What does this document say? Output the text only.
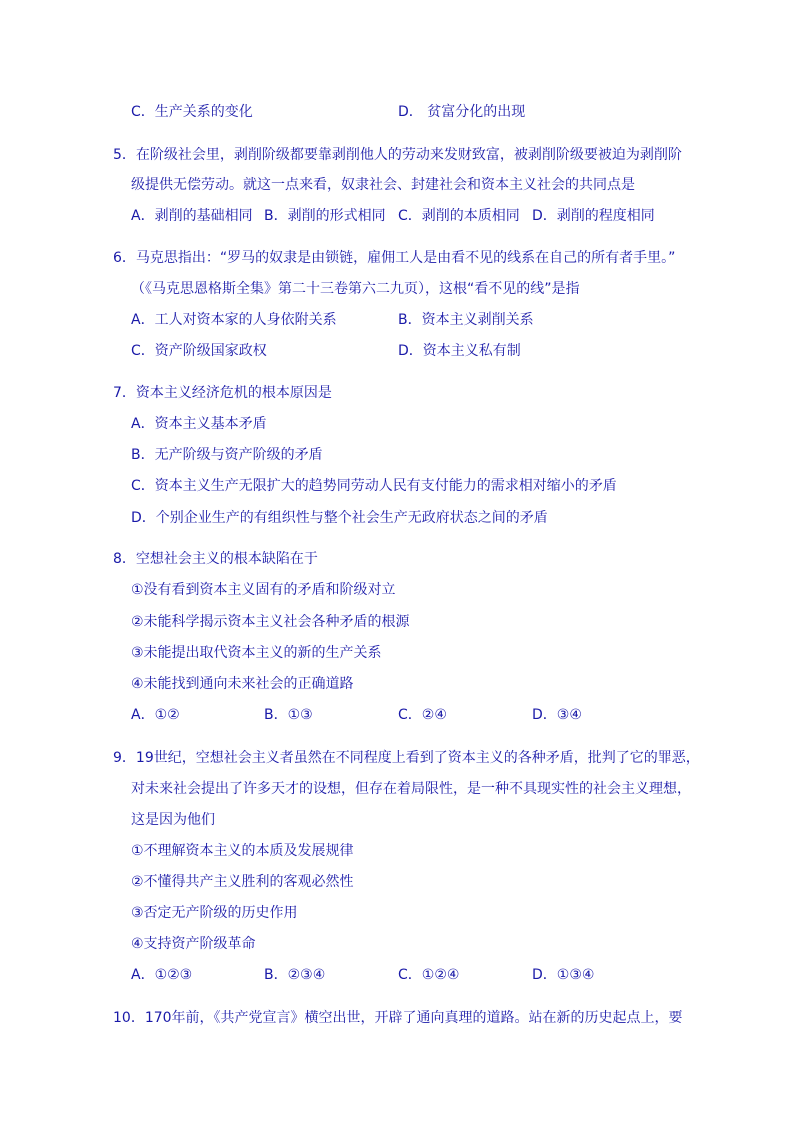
C．生产关系的变化	D． 贫富分化的出现
5．在阶级社会里，剥削阶级都要靠剥削他人的劳动来发财致富，被剥削阶级要被迫为剥削阶
级提供无偿劳动。就这一点来看，奴隶社会、封建社会和资本主义社会的共同点是
A．剥削的基础相同 B．剥削的形式相同 C．剥削的本质相同 D．剥削的程度相同
6．马克思指出：“罗马的奴隶是由锁链，雇佣工人是由看不见的线系在自己的所有者手里。”
（《马克思恩格斯全集》第二十三卷第六二九页），这根“看不见的线”是指
A．工人对资本家的人身依附关系	B．资本主义剥削关系
C．资产阶级国家政权	D．资本主义私有制
7．资本主义经济危机的根本原因是
A．资本主义基本矛盾
B．无产阶级与资产阶级的矛盾
C．资本主义生产无限扩大的趋势同劳动人民有支付能力的需求相对缩小的矛盾
D．个别企业生产的有组织性与整个社会生产无政府状态之间的矛盾
8．空想社会主义的根本缺陷在于
①没有看到资本主义固有的矛盾和阶级对立
②未能科学揭示资本主义社会各种矛盾的根源
③未能提出取代资本主义的新的生产关系
④未能找到通向未来社会的正确道路
A．①②	B．①③	C．②④	D．③④
9．19世纪，空想社会主义者虽然在不同程度上看到了资本主义的各种矛盾，批判了它的罪恶，
对未来社会提出了许多天才的设想，但存在着局限性，是一种不具现实性的社会主义理想，
这是因为他们
①不理解资本主义的本质及发展规律
②不懂得共产主义胜利的客观必然性
③否定无产阶级的历史作用
④支持资产阶级革命
A．①②③	B．②③④	C．①②④	D．①③④
10．170年前，《共产党宣言》横空出世，开辟了通向真理的道路。站在新的历史起点上，要
